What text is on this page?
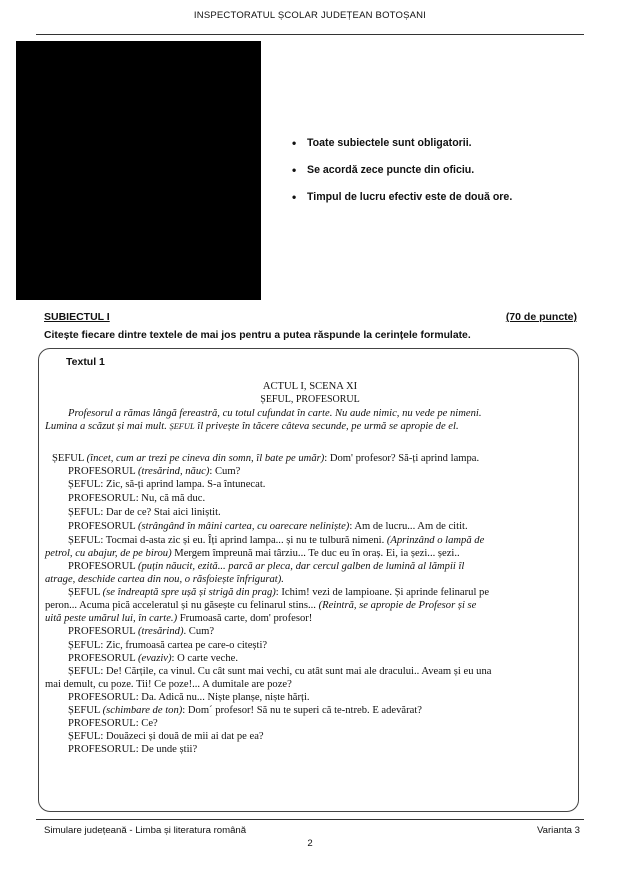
INSPECTORATUL ȘCOLAR JUDEȚEAN BOTOȘANI
• Toate subiectele sunt obligatorii.
• Se acordă zece puncte din oficiu.
• Timpul de lucru efectiv este de două ore.
SUBIECTUL I	(70 de puncte)
Citește fiecare dintre textele de mai jos pentru a putea răspunde la cerințele formulate.
Textul 1
ACTUL I, SCENA XI
ȘEFUL, PROFESORUL
Profesorul a rămas lângă fereastră, cu totul cufundat în carte. Nu aude nimic, nu vede pe nimeni.
Lumina a scăzut și mai mult. ȘEFUL îl privește în tăcere câteva secunde, pe urmă se apropie de el.
ȘEFUL (încet, cum ar trezi pe cineva din somn, îl bate pe umăr): Dom' profesor? Să-ți aprind lampa.
PROFESORUL (tresărind, năuc): Cum?
ȘEFUL: Zic, să-ți aprind lampa. S-a întunecat.
PROFESORUL: Nu, că mă duc.
ȘEFUL: Dar de ce? Stai aici liniștit.
PROFESORUL (strângând în mâini cartea, cu oarecare neliniște): Am de lucru... Am de citit.
ȘEFUL: Tocmai d-asta zic și eu. Îți aprind lampa... și nu te tulbură nimeni. (Aprinzând o lampă de
petrol, cu abajur, de pe birou) Mergem împreună mai târziu... Te duc eu în oraș. Ei, ia șezi... șezi..
PROFESORUL (puțin năucit, ezită... parcă ar pleca, dar cercul galben de lumină al lămpii îl
atrage, deschide cartea din nou, o răsfoiește înfrigurat).
ȘEFUL (se îndreaptă spre ușă și strigă din prag): Ichim! vezi de lampioane. Și aprinde felinarul pe
peron... Acuma pică acceleratul și nu găsește cu felinarul stins... (Reintră, se apropie de Profesor și se
uită peste umărul lui, în carte.) Frumoasă carte, dom' profesor!
PROFESORUL (tresărind). Cum?
ȘEFUL: Zic, frumoasă cartea pe care-o citești?
PROFESORUL (evaziv): O carte veche.
ȘEFUL: De! Cărțile, ca vinul. Cu cât sunt mai vechi, cu atât sunt mai ale dracului.. Aveam și eu una
mai demult, cu poze. Tii! Ce poze!... A dumitale are poze?
PROFESORUL: Da. Adică nu... Niște planșe, niște hărți.
ȘEFUL (schimbare de ton): Dom´ profesor! Să nu te superi că te-ntreb. E adevărat?
PROFESORUL: Ce?
ȘEFUL: Douăzeci și două de mii ai dat pe ea?
PROFESORUL: De unde știi?
Simulare județeană - Limba și literatura română	Varianta 3
2
